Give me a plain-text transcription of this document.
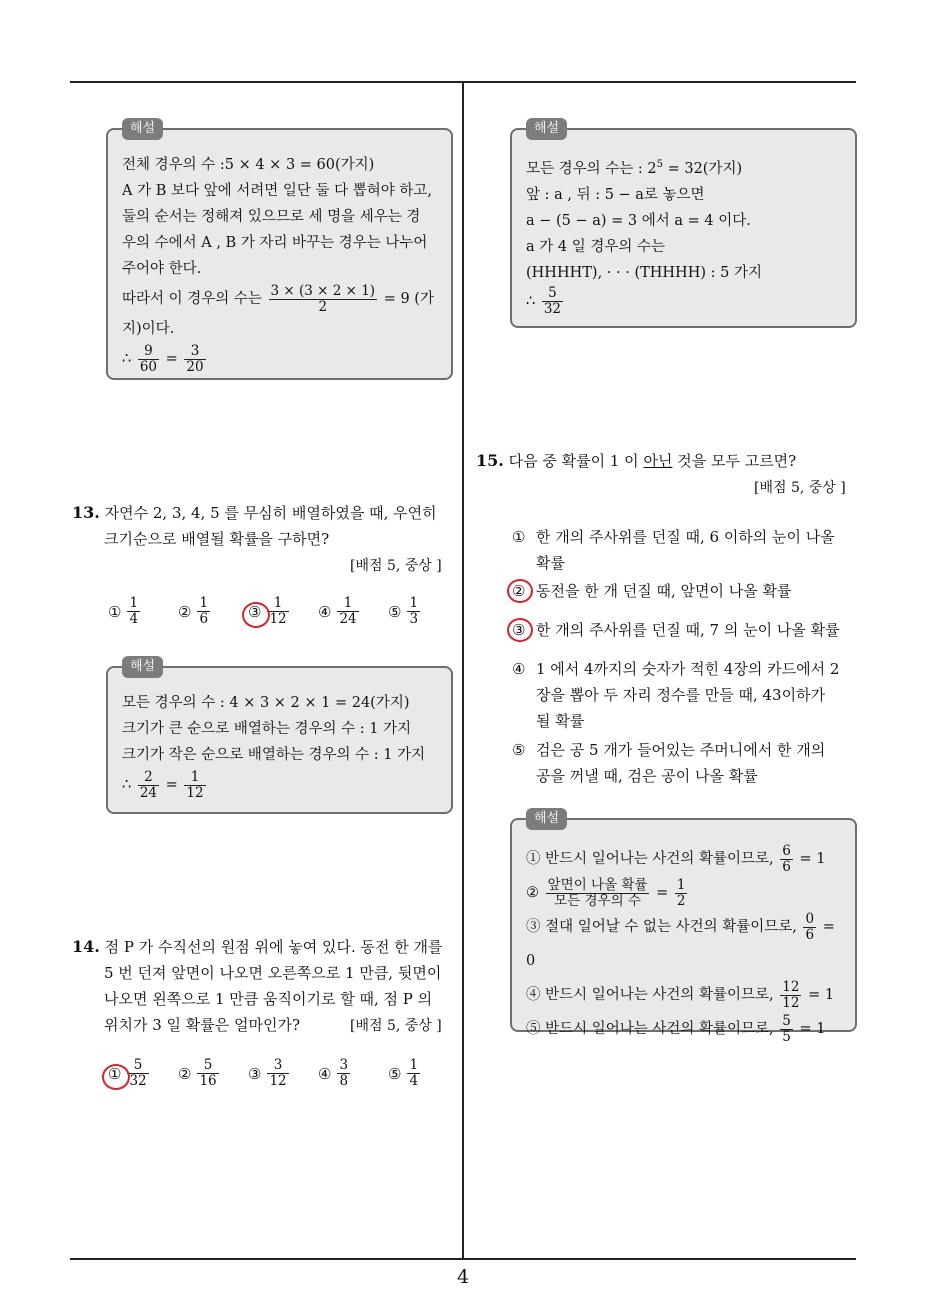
해설
전체 경우의 수 :5 × 4 × 3 = 60(가지)
A 가 B 보다 앞에 서려면 일단 둘 다 뽑혀야 하고,
둘의 순서는 정해져 있으므로 세 명을 세우는 경
우의 수에서 A , B 가 자리 바꾸는 경우는 나누어
주어야 한다.
따라서 이 경우의 수는 $\frac{3 \times (3 \times 2 \times 1)}{2} = 9$ (가
지)이다.
∴ $\frac{9}{60} = \frac{3}{20}$
13. 자연수 2, 3, 4, 5 를 무심히 배열하였을 때, 우연히
크기순으로 배열될 확률을 구하면?
[배점 5, 중상 ]
① $\frac{1}{4}$	② $\frac{1}{6}$	③ $\frac{1}{12}$ ④ $\frac{1}{24}$ ⑤ $\frac{1}{3}$
해설
모든 경우의 수 : 4 × 3 × 2 × 1 = 24(가지)
크기가 큰 순으로 배열하는 경우의 수 : 1 가지
크기가 작은 순으로 배열하는 경우의 수 : 1 가지
∴ $\frac{2}{24} = \frac{1}{12}$
14. 점 P 가 수직선의 원점 위에 놓여 있다. 동전 한 개를
5 번 던져 앞면이 나오면 오른쪽으로 1 만큼, 뒷면이
나오면 왼쪽으로 1 만큼 움직이기로 할 때, 점 P 의
위치가 3 일 확률은 얼마인가?	[배점 5, 중상 ]
① $\frac{5}{32}$ ② $\frac{5}{16}$ ③ $\frac{3}{12}$ ④ $\frac{3}{8}$	⑤ $\frac{1}{4}$
해설
모든 경우의 수는 : $2^5 = 32$(가지)
앞 : a , 뒤 : 5 − a로 놓으면
a − (5 − a) = 3 에서 a = 4 이다.
a 가 4 일 경우의 수는
(HHHHT), · · · (THHHH) : 5 가지
∴ $\frac{5}{32}$
15. 다음 중 확률이 1 이 아닌 것을 모두 고르면?
[배점 5, 중상 ]
① 한 개의 주사위를 던질 때, 6 이하의 눈이 나올
확률
② 동전을 한 개 던질 때, 앞면이 나올 확률
③ 한 개의 주사위를 던질 때, 7 의 눈이 나올 확률
④ 1 에서 4까지의 숫자가 적힌 4장의 카드에서 2
장을 뽑아 두 자리 정수를 만들 때, 43이하가
될 확률
⑤ 검은 공 5 개가 들어있는 주머니에서 한 개의
공을 꺼낼 때, 검은 공이 나올 확률
해설
① 반드시 일어나는 사건의 확률이므로, $\frac{6}{6} = 1$
② $\frac{\text{앞면이 나올 확률}}{\text{모든 경우의 수}} = \frac{1}{2}$
③ 절대 일어날 수 없는 사건의 확률이므로, $\frac{0}{6} = 0$
④ 반드시 일어나는 사건의 확률이므로, $\frac{12}{12} = 1$
⑤ 반드시 일어나는 사건의 확률이므로, $\frac{5}{5} = 1$
4
